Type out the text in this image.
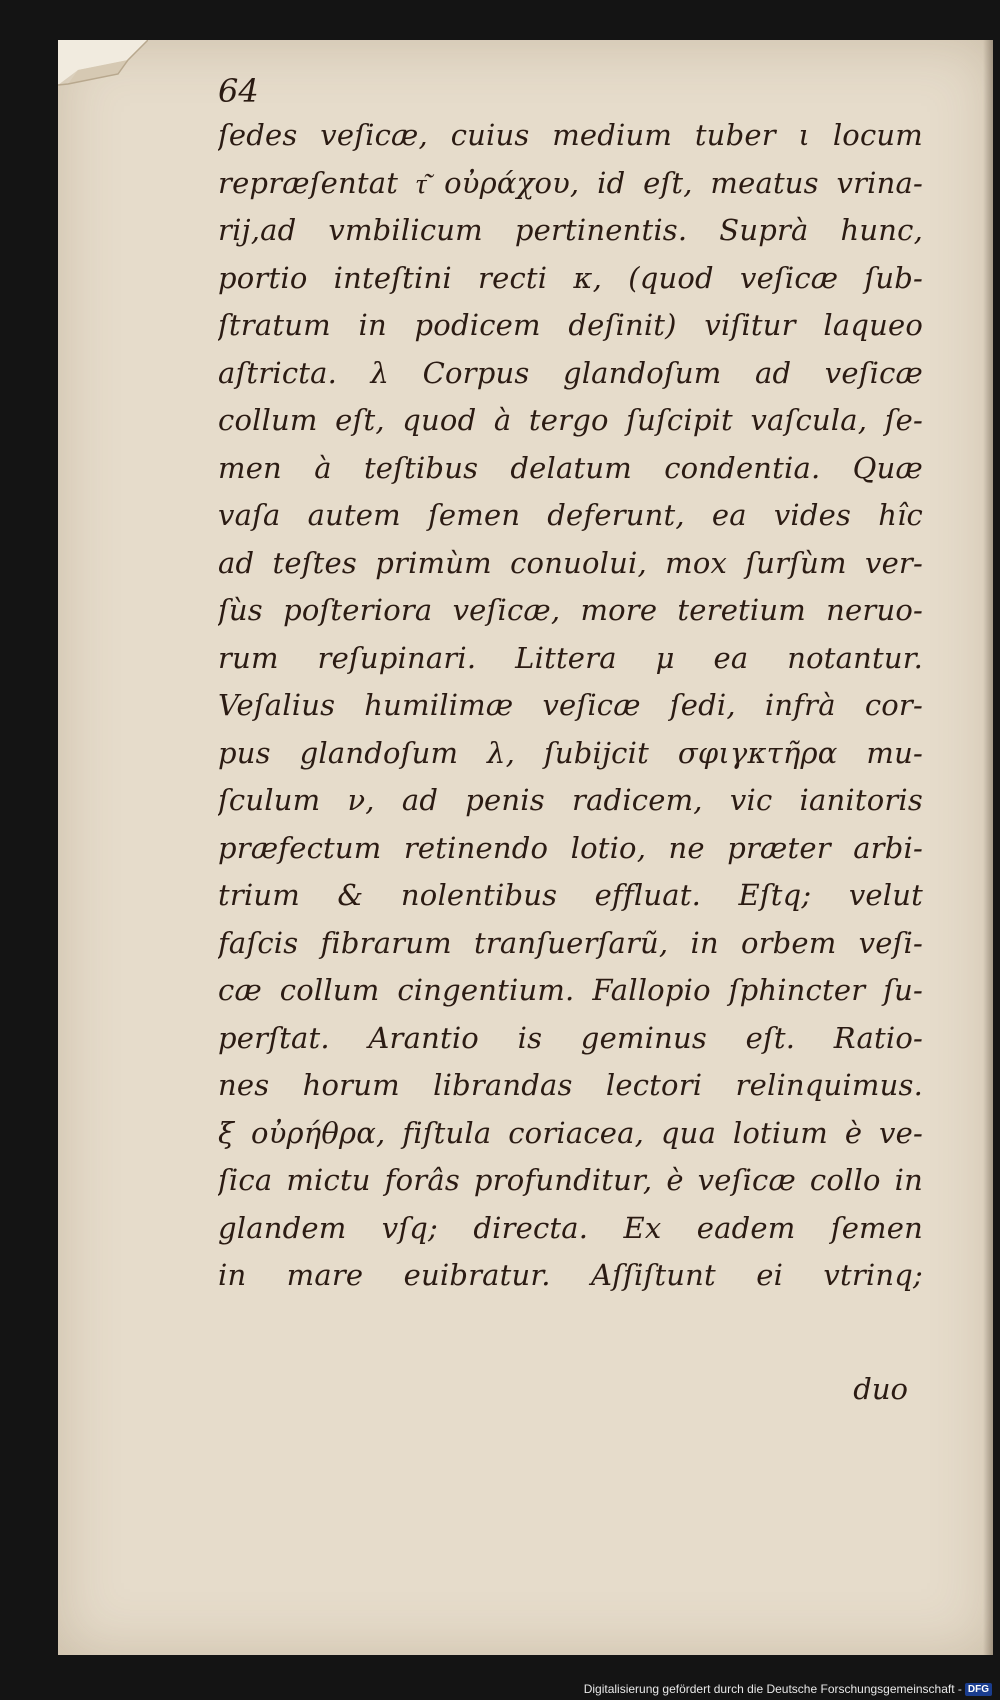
64
ſedes veſicæ, cuius medium tuber ι locum
repræſentat τ͂ οὐράχου, id eſt, meatus vrina-
rij,ad vmbilicum pertinentis. Suprà hunc,
portio inteſtini recti κ, (quod veſicæ ſub-
ſtratum in podicem deſinit) viſitur laqueo
aſtricta. λ Corpus glandoſum ad veſicæ
collum eſt, quod à tergo ſuſcipit vaſcula, ſe-
men à teſtibus delatum condentia. Quæ
vaſa autem ſemen deferunt, ea vides hîc
ad teſtes primùm conuolui, mox ſurſùm ver-
ſùs poſteriora veſicæ, more teretium neruo-
rum reſupinari. Littera μ ea notantur.
Veſalius humilimæ veſicæ ſedi, infrà cor-
pus glandoſum λ, ſubijcit σφιγκτῆρα mu-
ſculum ν, ad penis radicem, vic ianitoris
præfectum retinendo lotio, ne præter arbi-
trium & nolentibus effluat. Eſtq; velut
faſcis fibrarum tranſuerſarũ, in orbem veſi-
cæ collum cingentium. Fallopio ſphincter ſu-
perſtat. Arantio is geminus eſt. Ratio-
nes horum librandas lectori relinquimus.
ξ οὐρήθρα, fiſtula coriacea, qua lotium è ve-
ſica mictu forâs profunditur, è veſicæ collo in
glandem vſq; directa. Ex eadem ſemen
in mare euibratur. Aſſiſtunt ei vtrinq;
duo
Digitalisierung gefördert durch die Deutsche Forschungsgemeinschaft - DFG
